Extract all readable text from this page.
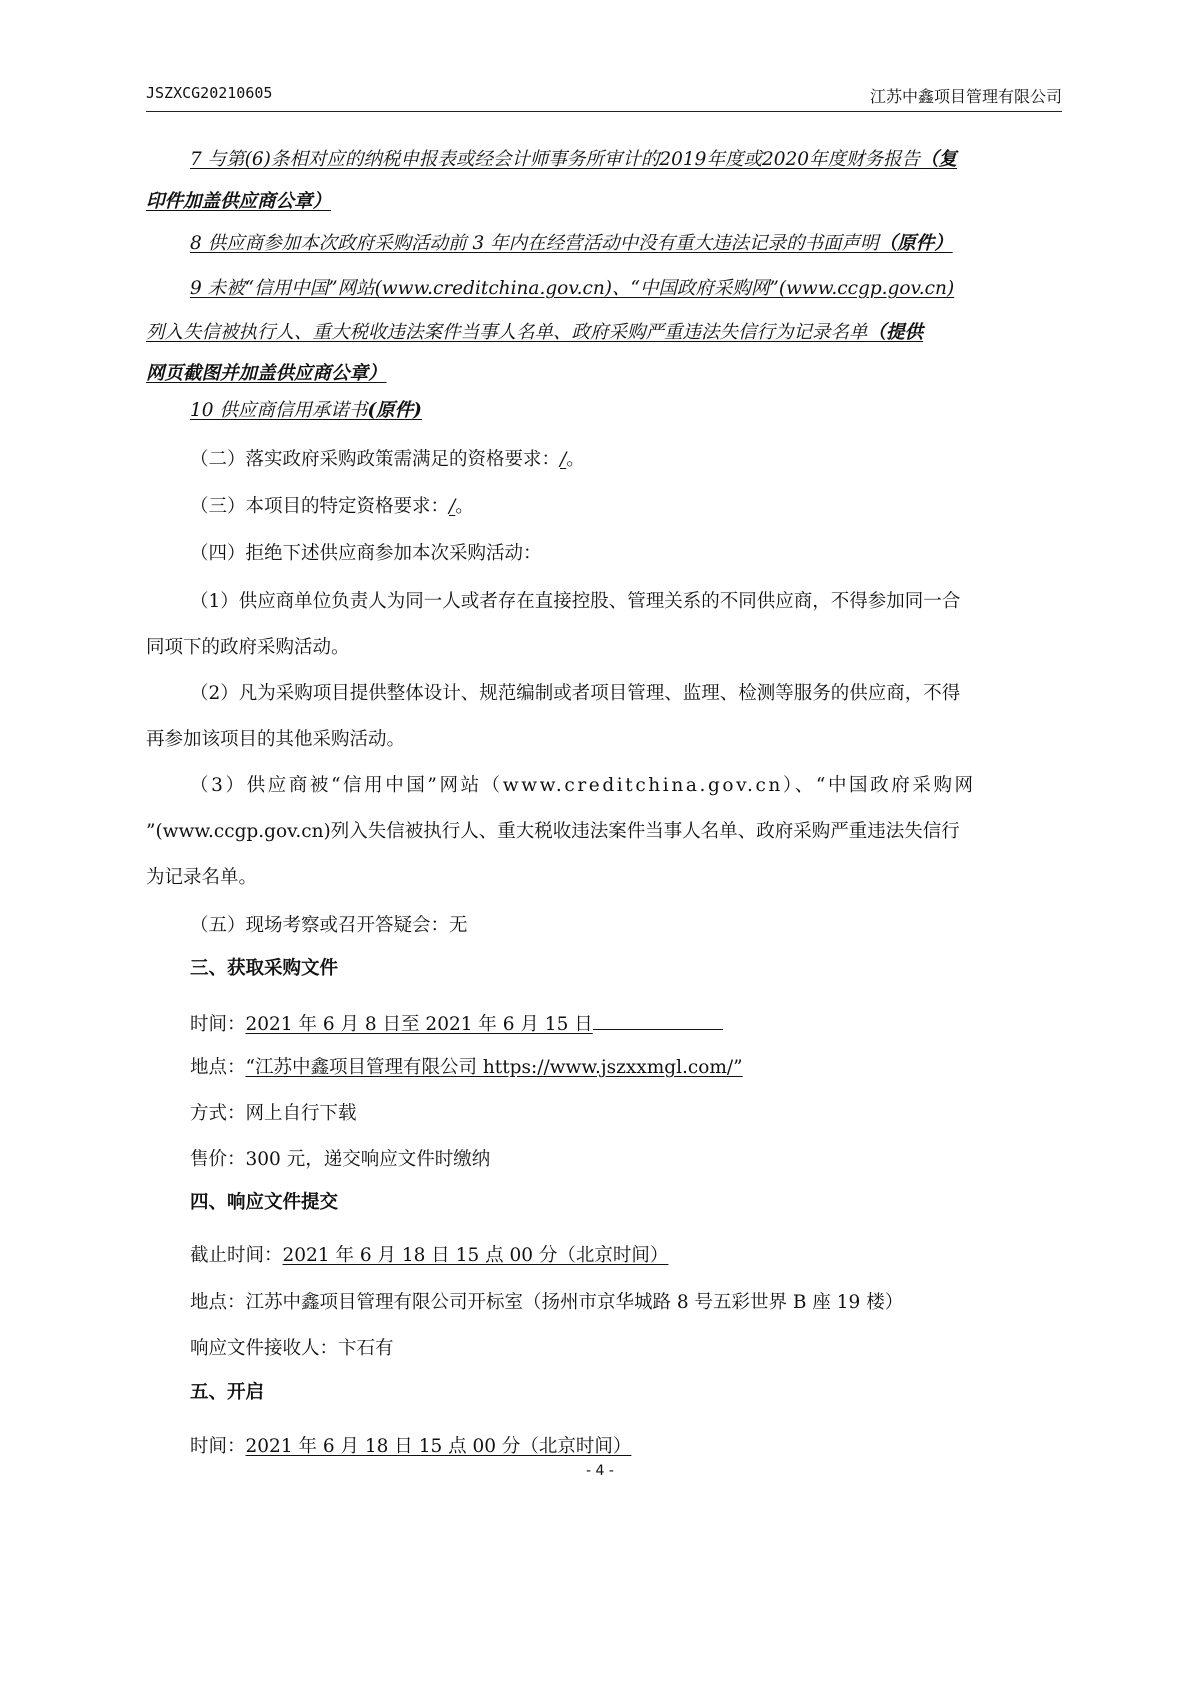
JSZXCG20210605	江苏中鑫项目管理有限公司
7 与第(6)条相对应的纳税申报表或经会计师事务所审计的2019年度或2020年度财务报告（复
印件加盖供应商公章）
8 供应商参加本次政府采购活动前 3 年内在经营活动中没有重大违法记录的书面声明（原件）
9 未被“信用中国”网站(www.creditchina.gov.cn)、“中国政府采购网”(www.ccgp.gov.cn)
列入失信被执行人、重大税收违法案件当事人名单、政府采购严重违法失信行为记录名单（提供
网页截图并加盖供应商公章）
10 供应商信用承诺书(原件)
（二）落实政府采购政策需满足的资格要求：/。
（三）本项目的特定资格要求：/。
（四）拒绝下述供应商参加本次采购活动：
（1）供应商单位负责人为同一人或者存在直接控股、管理关系的不同供应商，不得参加同一合
同项下的政府采购活动。
（2）凡为采购项目提供整体设计、规范编制或者项目管理、监理、检测等服务的供应商，不得
再参加该项目的其他采购活动。
（3）供应商被“信用中国”网站（www.creditchina.gov.cn）、“中国政府采购网
”(www.ccgp.gov.cn)列入失信被执行人、重大税收违法案件当事人名单、政府采购严重违法失信行
为记录名单。
（五）现场考察或召开答疑会：无
三、获取采购文件
时间：2021 年 6 月 8 日至 2021 年 6 月 15 日
地点：“江苏中鑫项目管理有限公司 https://www.jszxxmgl.com/”
方式：网上自行下载
售价：300 元，递交响应文件时缴纳
四、响应文件提交
截止时间：2021 年 6 月 18 日 15 点 00 分（北京时间）
地点：江苏中鑫项目管理有限公司开标室（扬州市京华城路 8 号五彩世界 B 座 19 楼）
响应文件接收人：卞石有
五、开启
时间：2021 年 6 月 18 日 15 点 00 分（北京时间）
- 4 -
